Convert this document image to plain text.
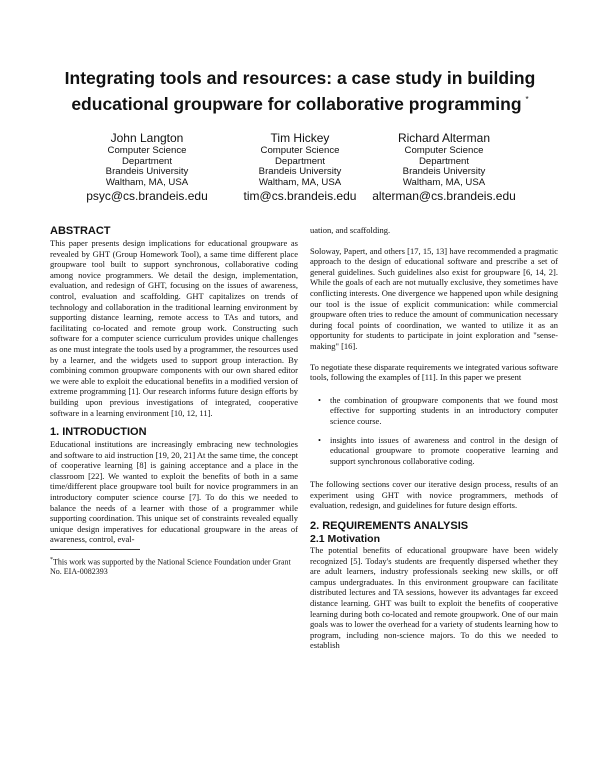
Integrating tools and resources: a case study in building
educational groupware for collaborative programming *
John Langton
Computer Science
Department
Brandeis University
Waltham, MA, USA
psyc@cs.brandeis.edu
Tim Hickey
Computer Science
Department
Brandeis University
Waltham, MA, USA
tim@cs.brandeis.edu
Richard Alterman
Computer Science
Department
Brandeis University
Waltham, MA, USA
alterman@cs.brandeis.edu
ABSTRACT

This paper presents design implications for educational groupware as revealed by GHT (Group Homework Tool), a same time different place groupware tool built to support synchronous, collaborative coding among novice programmers. We detail the design, implementation, evaluation, and redesign of GHT, focusing on the issues of awareness, control, evaluation and scaffolding. GHT capitalizes on trends of technology and collaboration in the traditional learning environment by supporting distance learning, remote access to TAs and tutors, and facilitating co-located and remote group work. Constructing such software for a computer science curriculum provides unique challenges as one must integrate the tools used by a programmer, the resources used by a learner, and the widgets used to support group interaction. By combining common groupware components with our own shared editor we were able to exploit the educational benefits in a modified version of extreme programming [1]. Our research informs future design efforts by building upon previous investigations of integrated, cooperative software in a learning environment [10, 12, 11].

1. INTRODUCTION

Educational institutions are increasingly embracing new technologies and software to aid instruction [19, 20, 21] At the same time, the concept of cooperative learning [8] is gaining acceptance and a place in the classroom [22]. We wanted to exploit the benefits of both in a same time/different place groupware tool built for novice programmers in an introductory computer science course [7]. To do this we needed to balance the needs of a learner with those of a programmer while supporting coordination. This unique set of constraints revealed equally unique design imperatives for educational groupware in the areas of awareness, control, eval-

*This work was supported by the National Science Foundation under Grant No. EIA-0082393

uation, and scaffolding.

Soloway, Papert, and others [17, 15, 13] have recommended a pragmatic approach to the design of educational software and prescribe a set of general guidelines. Such guidelines also exist for groupware [6, 14, 2]. While the goals of each are not mutually exclusive, they sometimes have conflicting interests. One divergence we happened upon while designing our tool is the issue of explicit communication: while commercial groupware often tries to reduce the amount of communication necessary during focal points of coordination, we wanted to utilize it as an opportunity for students to participate in joint exploration and "sense-making" [16].

To negotiate these disparate requirements we integrated various software tools, following the examples of [11]. In this paper we present

• the combination of groupware components that we found most effective for supporting students in an introductory computer science course.
• insights into issues of awareness and control in the design of educational groupware to promote cooperative learning and support synchronous collaborative coding.

The following sections cover our iterative design process, results of an experiment using GHT with novice programmers, methods of evaluation, redesign, and guidelines for future design efforts.

2. REQUIREMENTS ANALYSIS
2.1 Motivation

The potential benefits of educational groupware have been widely recognized [5]. Today's students are frequently dispersed whether they are adult learners, industry professionals seeking new skills, or off campus undergraduates. In this environment groupware can facilitate distributed lectures and TA sessions, however its advantages far exceed distance learning. GHT was built to exploit the benefits of cooperative learning during both co-located and remote groupwork. One of our main goals was to lower the overhead for a variety of students learning how to program, including non-science majors. To do this we needed to establish
